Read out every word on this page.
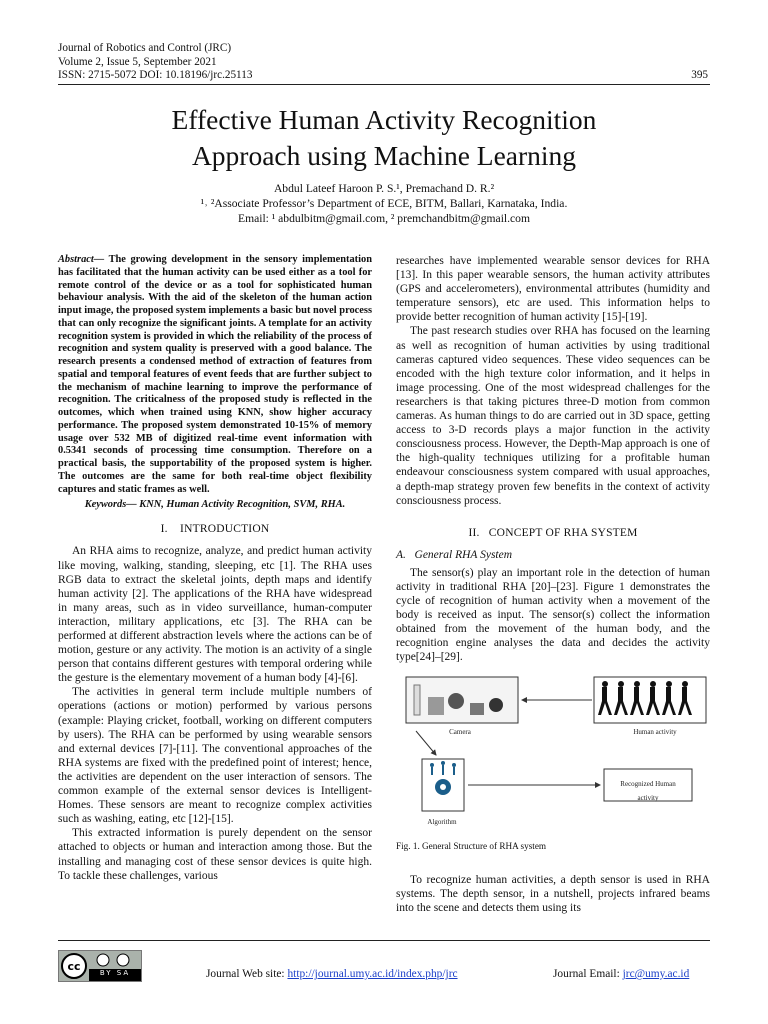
Journal of Robotics and Control (JRC)
Volume 2, Issue 5, September 2021
ISSN: 2715-5072 DOI: 10.18196/jrc.25113	395
Effective Human Activity Recognition
Approach using Machine Learning
Abdul Lateef Haroon P. S.¹, Premachand D. R.²
¹˒ ²Associate Professor’s Department of ECE, BITM, Ballari, Karnataka, India.
Email: ¹ abdulbitm@gmail.com, ² premchandbitm@gmail.com
Abstract— The growing development in the sensory implementation has facilitated that the human activity can be used either as a tool for remote control of the device or as a tool for sophisticated human behaviour analysis. With the aid of the skeleton of the human action input image, the proposed system implements a basic but novel process that can only recognize the significant joints. A template for an activity recognition system is provided in which the reliability of the process of recognition and system quality is preserved with a good balance. The research presents a condensed method of extraction of features from spatial and temporal features of event feeds that are further subject to the mechanism of machine learning to improve the performance of recognition. The criticalness of the proposed study is reflected in the outcomes, which when trained using KNN, show higher accuracy performance. The proposed system demonstrated 10-15% of memory usage over 532 MB of digitized real-time event information with 0.5341 seconds of processing time consumption. Therefore on a practical basis, the supportability of the proposed system is higher. The outcomes are the same for both real-time object flexibility captures and static frames as well.
Keywords— KNN, Human Activity Recognition, SVM, RHA.
I.    INTRODUCTION

An RHA aims to recognize, analyze, and predict human activity like moving, walking, standing, sleeping, etc [1]. The RHA uses RGB data to extract the skeletal joints, depth maps and identify human activity [2]. The applications of the RHA have widespread in many areas, such as in video surveillance, human-computer interaction, military applications, etc [3]. The RHA can be performed at different abstraction levels where the actions can be of motion, gesture or any activity. The motion is an activity of a single person that contains different gestures with temporal ordering while the gesture is the elementary movement of a human body [4]-[6].

The activities in general term include multiple numbers of operations (actions or motion) performed by various persons (example: Playing cricket, football, working on different computers by users). The RHA can be performed by using wearable sensors and external devices [7]-[11]. The conventional approaches of the RHA systems are fixed with the predefined point of interest; hence, the activities are dependent on the user interaction of sensors. The common example of the external sensor devices is Intelligent-Homes. These sensors are meant to recognize complex activities such as washing, eating, etc [12]-[15].

This extracted information is purely dependent on the sensor attached to objects or human and interaction among those. But the installing and managing cost of these sensor devices is quite high. To tackle these challenges, various

researches have implemented wearable sensor devices for RHA [13]. In this paper wearable sensors, the human activity attributes (GPS and accelerometers), environmental attributes (humidity and temperature sensors), etc are used. This information helps to provide better recognition of human activity [15]-[19].

The past research studies over RHA has focused on the learning as well as recognition of human activities by using traditional cameras captured video sequences. These video sequences can be encoded with the high texture color information, and it helps in image processing. One of the most widespread challenges for the researchers is that taking pictures three-D motion from common cameras. As human things to do are carried out in 3D space, getting access to 3-D records plays a major function in the activity consciousness process. However, the Depth-Map approach is one of the high-quality techniques utilizing for a profitable human endeavour consciousness system compared with usual approaches, a depth-map strategy proven few benefits in the context of activity consciousness process.

II.   CONCEPT OF RHA SYSTEM
A.   General RHA System

The sensor(s) play an important role in the detection of human activity in traditional RHA [20]–[23]. Figure 1 demonstrates the cycle of recognition of human activity when a movement of the body is received as input. The sensor(s) collect the information obtained from the movement of the human body, and the recognition engine analyses the data and decides the activity type[24]–[29].

Camera	Human activity
Algorithm
Recognized Human activity
Fig. 1. General Structure of RHA system

To recognize human activities, a depth sensor is used in RHA systems. The depth sensor, in a nutshell, projects infrared beams into the scene and detects them using its

cc	BY SA	Journal Web site: http://journal.umy.ac.id/index.php/jrc	Journal Email: jrc@umy.ac.id
